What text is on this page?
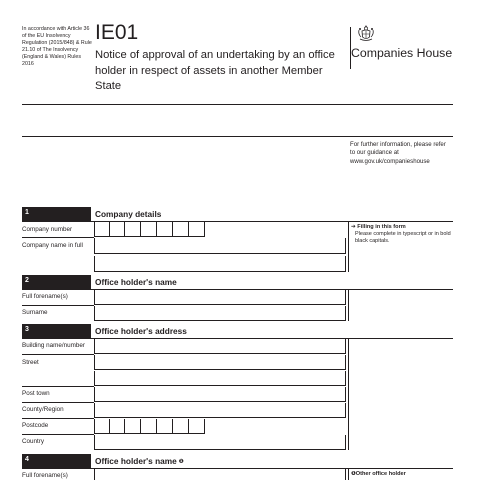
In accordance with Article 36 of the EU Insolvency Regulation (2015/848) & Rule 21.10 of The Insolvency (England & Wales) Rules 2016
IE01
Notice of approval of an undertaking by an office holder in respect of assets in another Member State
Companies House
For further information, please refer to our guidance at www.gov.uk/companieshouse
1	Company details
Company number
Company name in full
➔ Filling in this form
Please complete in typescript or in bold black capitals.
2	Office holder's name
Full forename(s)
Surname
3	Office holder's address
Building name/number
Street
Post town
County/Region
Postcode
Country
4	Office holder's name ❶
Full forename(s)	❶Other office holder
